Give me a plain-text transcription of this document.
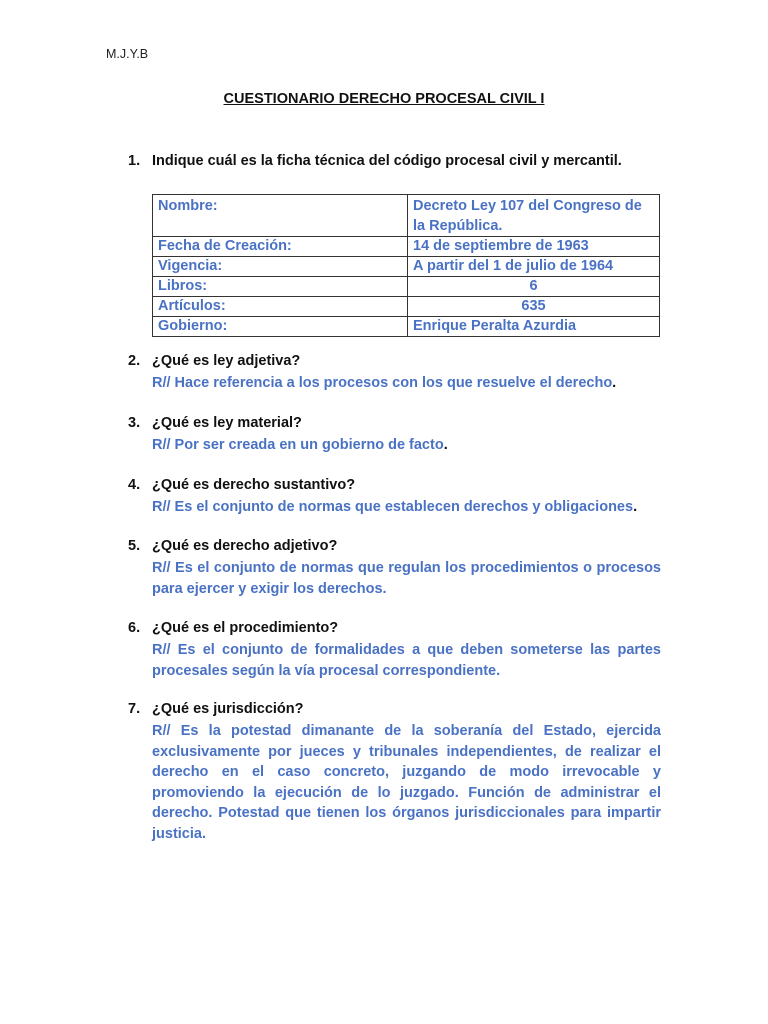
M.J.Y.B
CUESTIONARIO DERECHO PROCESAL CIVIL I
1. Indique cuál es la ficha técnica del código procesal civil y mercantil.
Nombre:	Decreto Ley 107 del Congreso de la República.
Fecha de Creación:	14 de septiembre de 1963
Vigencia:	A partir del 1 de julio de 1964
Libros:	6
Artículos:	635
Gobierno:	Enrique Peralta Azurdia
2. ¿Qué es ley adjetiva?
R// Hace referencia a los procesos con los que resuelve el derecho.
3. ¿Qué es ley material?
R// Por ser creada en un gobierno de facto.
4. ¿Qué es derecho sustantivo?
R// Es el conjunto de normas que establecen derechos y obligaciones.
5. ¿Qué es derecho adjetivo?
R// Es el conjunto de normas que regulan los procedimientos o procesos para ejercer y exigir los derechos.
6. ¿Qué es el procedimiento?
R// Es el conjunto de formalidades a que deben someterse las partes procesales según la vía procesal correspondiente.
7. ¿Qué es jurisdicción?
R// Es la potestad dimanante de la soberanía del Estado, ejercida exclusivamente por jueces y tribunales independientes, de realizar el derecho en el caso concreto, juzgando de modo irrevocable y promoviendo la ejecución de lo juzgado. Función de administrar el derecho. Potestad que tienen los órganos jurisdiccionales para impartir justicia.
